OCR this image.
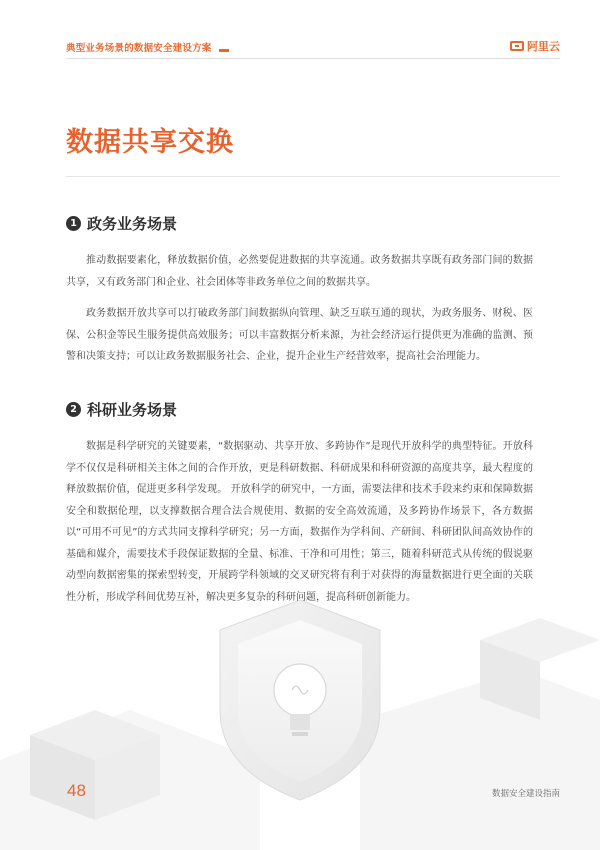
典型业务场景的数据安全建设方案	阿里云
数据共享交换
1 政务业务场景

推动数据要素化，释放数据价值，必然要促进数据的共享流通。政务数据共享既有政务部门间的数据共享，又有政务部门和企业、社会团体等非政务单位之间的数据共享。

政务数据开放共享可以打破政务部门间数据纵向管理、缺乏互联互通的现状，为政务服务、财税、医保、公积金等民生服务提供高效服务；可以丰富数据分析来源，为社会经济运行提供更为准确的监测、预警和决策支持；可以让政务数据服务社会、企业，提升企业生产经营效率，提高社会治理能力。

2 科研业务场景

数据是科学研究的关键要素，“数据驱动、共享开放、多跨协作”是现代开放科学的典型特征。开放科学不仅仅是科研相关主体之间的合作开放，更是科研数据、科研成果和科研资源的高度共享，最大程度的释放数据价值，促进更多科学发现。 开放科学的研究中，一方面，需要法律和技术手段来约束和保障数据安全和数据伦理，以支撑数据合理合法合规使用、数据的安全高效流通，及多跨协作场景下，各方数据以“可用不可见”的方式共同支撑科学研究；另一方面，数据作为学科间、产研间、科研团队间高效协作的基础和媒介，需要技术手段保证数据的全量、标准、干净和可用性；第三，随着科研范式从传统的假说驱动型向数据密集的探索型转变，开展跨学科领域的交叉研究将有利于对获得的海量数据进行更全面的关联性分析，形成学科间优势互补，解决更多复杂的科研问题，提高科研创新能力。

48	数据安全建设指南
